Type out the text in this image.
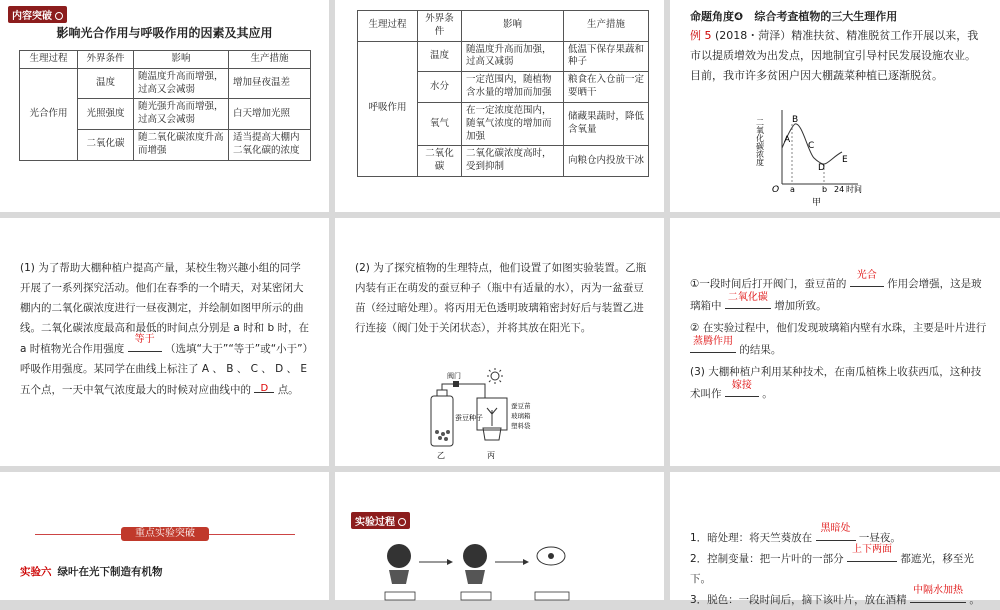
内容突破
影响光合作用与呼吸作用的因素及其应用
生理过程	外界条件	影响	生产措施
光合作用	温度	随温度升高而增强，过高又会减弱	增加昼夜温差
	光照强度	随光强升高而增强，过高又会减弱	白天增加光照
	二氧化碳	随二氧化碳浓度升高而增强	适当提高大棚内二氧化碳的浓度
生理过程	外界条件	影响	生产措施
呼吸作用	温度	随温度升高而加强，过高又减弱	低温下保存果蔬和种子
	水分	一定范围内，随植物含水量的增加而加强	粮食在入仓前一定要晒干
	氧气	在一定浓度范围内，随氧气浓度的增加而加强	储藏果蔬时，降低含氧量
	二氧化碳	二氧化碳浓度高时，受到抑制	向粮仓内投放干冰
命题角度❹　综合考查植物的三大生理作用
例 5 (2018・菏泽）精准扶贫、精准脱贫工作开展以来，我市以提质增效为出发点，因地制宜引导村民发展设施农业。目前，我市许多贫困户因大棚蔬菜种植已逐渐脱贫。
二氧化碳浓度 A
B
C
D
E
O a	b 24 时间
甲
(1) 为了帮助大棚种植户提高产量，某校生物兴趣小组的同学开展了一系列探究活动。他们在春季的一个晴天，对某密闭大棚内的二氧化碳浓度进行一昼夜测定，并绘制如图甲所示的曲线。二氧化碳浓度最高和最低的时间点分别是 a 时和 b 时，在 a 时植物光合作用强度
等于
（选填“大于”“等于”或“小于”）呼吸作用强度。某同学在曲线上标注了 A 、 B 、 C 、 D 、 E 五个点，一天中氧气浓度最大的时候对应曲线中的 D 点。
(2) 为了探究植物的生理特点，他们设置了如图实验装置。乙瓶内装有正在萌发的蚕豆种子（瓶中有适量的水），丙为一盆蚕豆苗（经过暗处理）。将丙用无色透明玻璃箱密封好后与装置乙进行连接（阀门处于关闭状态），并将其放在阳光下。
阀门
蚕豆种子
乙	丙
蚕豆苗
玻璃箱
塑料袋
①一段时间后打开阀门，蚕豆苗的
光合
作用会增强，这是玻璃箱中
二氧化碳
增加所致。
② 在实验过程中，他们发现玻璃箱内壁有水珠，主要是叶片进行
蒸腾作用
的结果。
(3) 大棚种植户利用某种技术，在南瓜植株上收获西瓜，这种技术叫作
嫁接
。
重点实验突破
实验六 绿叶在光下制造有机物
实验过程
1．暗处理：将天竺葵放在
黑暗处
一昼夜。
2．控制变量：把一片叶的一部分
上下两面
都遮光，移至光下。
3．脱色：一段时间后，摘下该叶片，放在酒精
中隔水加热
。
